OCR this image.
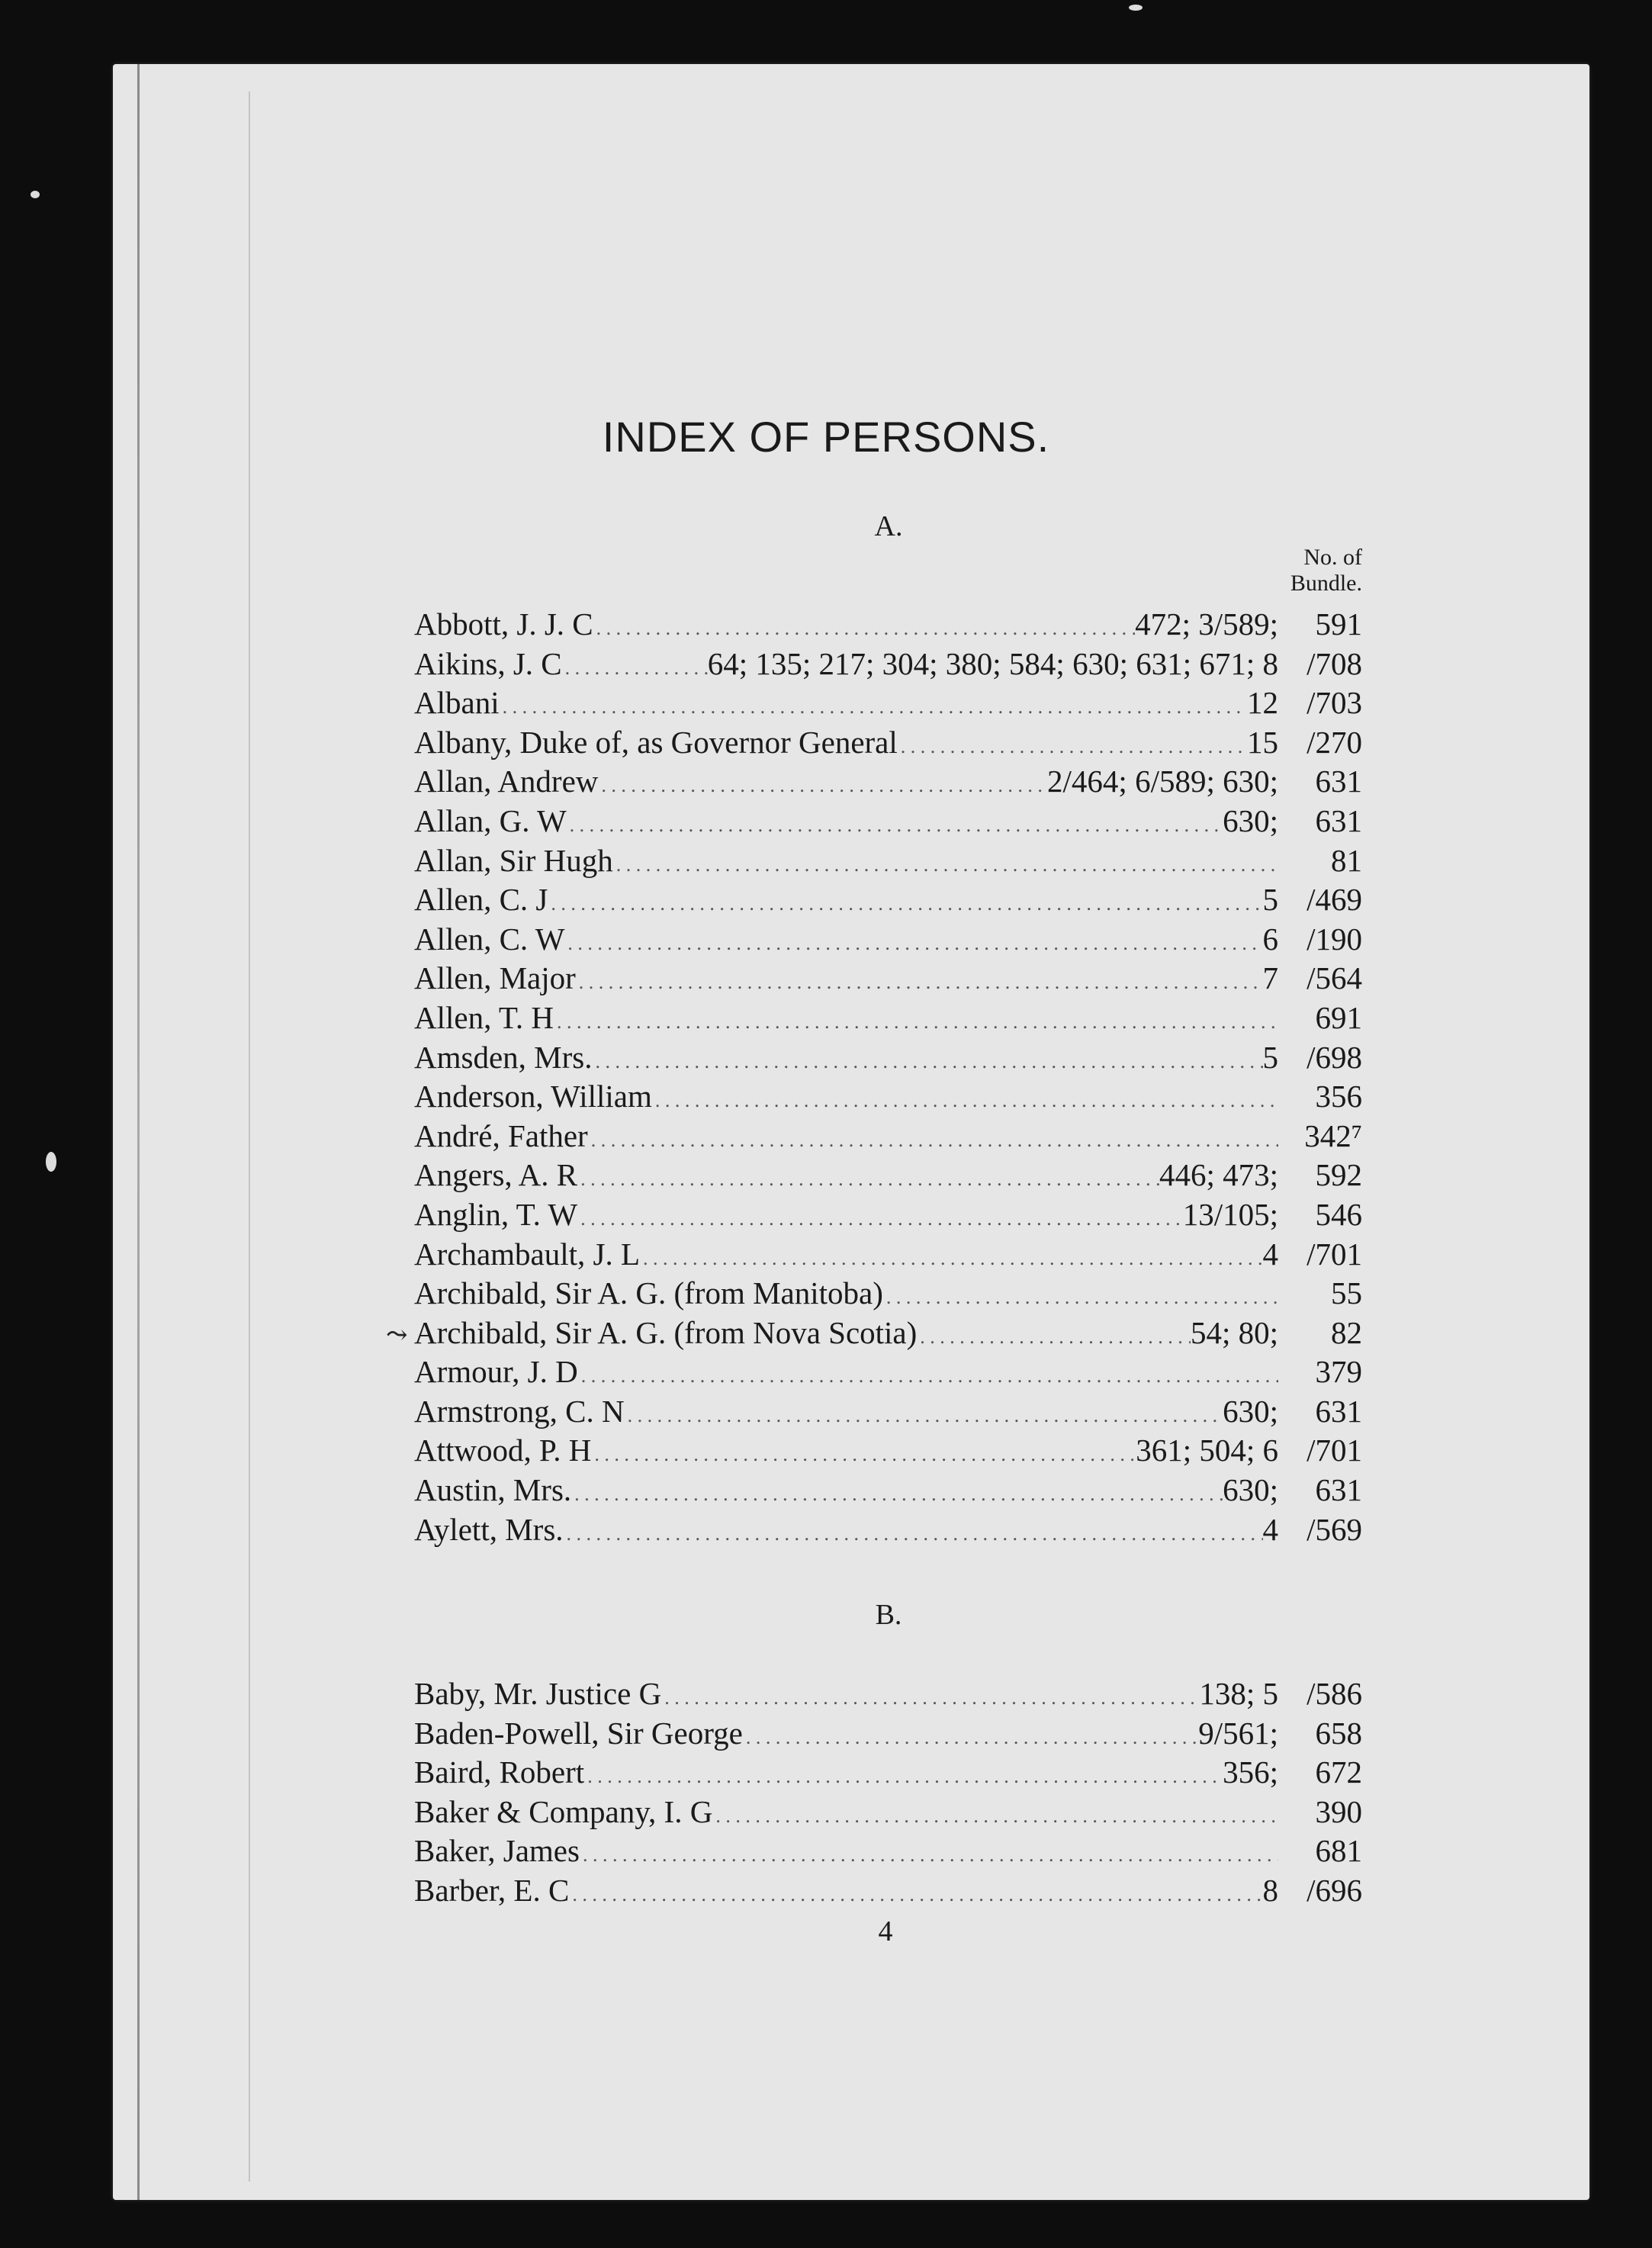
INDEX OF PERSONS.
A.
No. of
Bundle.
⤳
Abbott, J. J. C . . .	472; 3/589;	591
Aikins, J. C . . .	64; 135; 217; 304; 380; 584; 630; 631; 671; 8 /708
Albani . . .	12 /703
Albany, Duke of, as Governor General . . .	15 /270
Allan, Andrew . . .	2/464; 6/589; 630;	631
Allan, G. W . . .	630;	631
Allan, Sir Hugh . . .	81
Allen, C. J . . .	5 /469
Allen, C. W . . .	6 /190
Allen, Major . . .	7 /564
Allen, T. H . . .	691
Amsden, Mrs. . . .	5 /698
Anderson, William . . .	356
André, Father . . .	342⁷
Angers, A. R . . .	446; 473;	592
Anglin, T. W . . .	13/105;	546
Archambault, J. L . . .	4 /701
Archibald, Sir A. G. (from Manitoba) . . .	55
Archibald, Sir A. G. (from Nova Scotia) . . .	54; 80;	82
Armour, J. D . . .	379
Armstrong, C. N . . .	630;	631
Attwood, P. H . . .	361; 504; 6 /701
Austin, Mrs. . . .	630;	631
Aylett, Mrs. . . .	4 /569
B.
Baby, Mr. Justice G . . .	138; 5 /586
Baden-Powell, Sir George . . .	9/561;	658
Baird, Robert . . .	356;	672
Baker & Company, I. G . . .	390
Baker, James . . .	681
Barber, E. C . . .	8 /696
4
